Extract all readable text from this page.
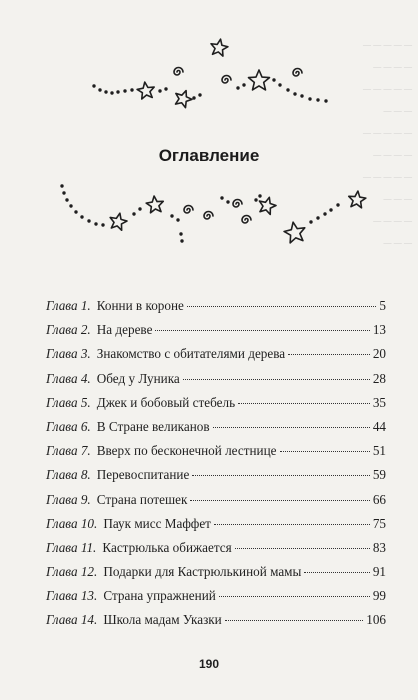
— — — — —
— — — —
— — — — —
— — —
— — — — —
— — — —
— — — — —
— — —
— — — —
— — —
Оглавление
Глава 1. Конни в короне	5
Глава 2. На дереве	13
Глава 3. Знакомство с обитателями дерева	20
Глава 4. Обед у Луника	28
Глава 5. Джек и бобовый стебель	35
Глава 6. В Стране великанов	44
Глава 7. Вверх по бесконечной лестнице	51
Глава 8. Перевоспитание	59
Глава 9. Страна потешек	66
Глава 10. Паук мисс Маффет	75
Глава 11. Кастрюлька обижается	83
Глава 12. Подарки для Кастрюлькиной мамы	91
Глава 13. Страна упражнений	99
Глава 14. Школа мадам Указки	106
190
